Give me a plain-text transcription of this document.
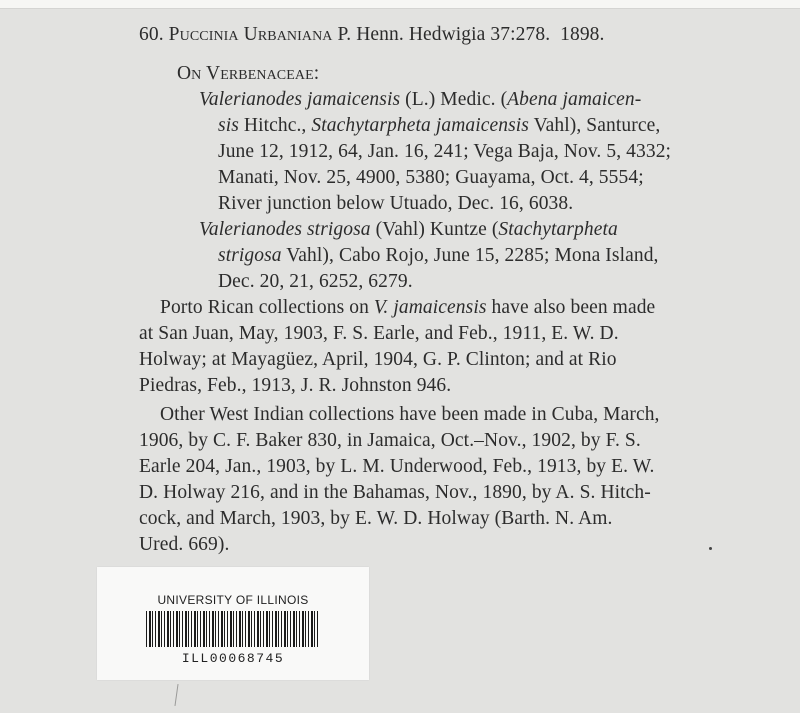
60. Puccinia Urbaniana P. Henn. Hedwigia 37:278. 1898.
On Verbenaceae:
Valerianodes jamaicensis (L.) Medic. (Abena jamaicen-
sis Hitchc., Stachytarpheta jamaicensis Vahl), Santurce,
June 12, 1912, 64, Jan. 16, 241; Vega Baja, Nov. 5, 4332;
Manati, Nov. 25, 4900, 5380; Guayama, Oct. 4, 5554;
River junction below Utuado, Dec. 16, 6038.
Valerianodes strigosa (Vahl) Kuntze (Stachytarpheta
strigosa Vahl), Cabo Rojo, June 15, 2285; Mona Island,
Dec. 20, 21, 6252, 6279.
Porto Rican collections on V. jamaicensis have also been made
at San Juan, May, 1903, F. S. Earle, and Feb., 1911, E. W. D.
Holway; at Mayagüez, April, 1904, G. P. Clinton; and at Rio
Piedras, Feb., 1913, J. R. Johnston 946.
Other West Indian collections have been made in Cuba, March,
1906, by C. F. Baker 830, in Jamaica, Oct.–Nov., 1902, by F. S.
Earle 204, Jan., 1903, by L. M. Underwood, Feb., 1913, by E. W.
D. Holway 216, and in the Bahamas, Nov., 1890, by A. S. Hitch-
cock, and March, 1903, by E. W. D. Holway (Barth. N. Am.
Ured. 669).
UNIVERSITY OF ILLINOIS
ILL00068745
